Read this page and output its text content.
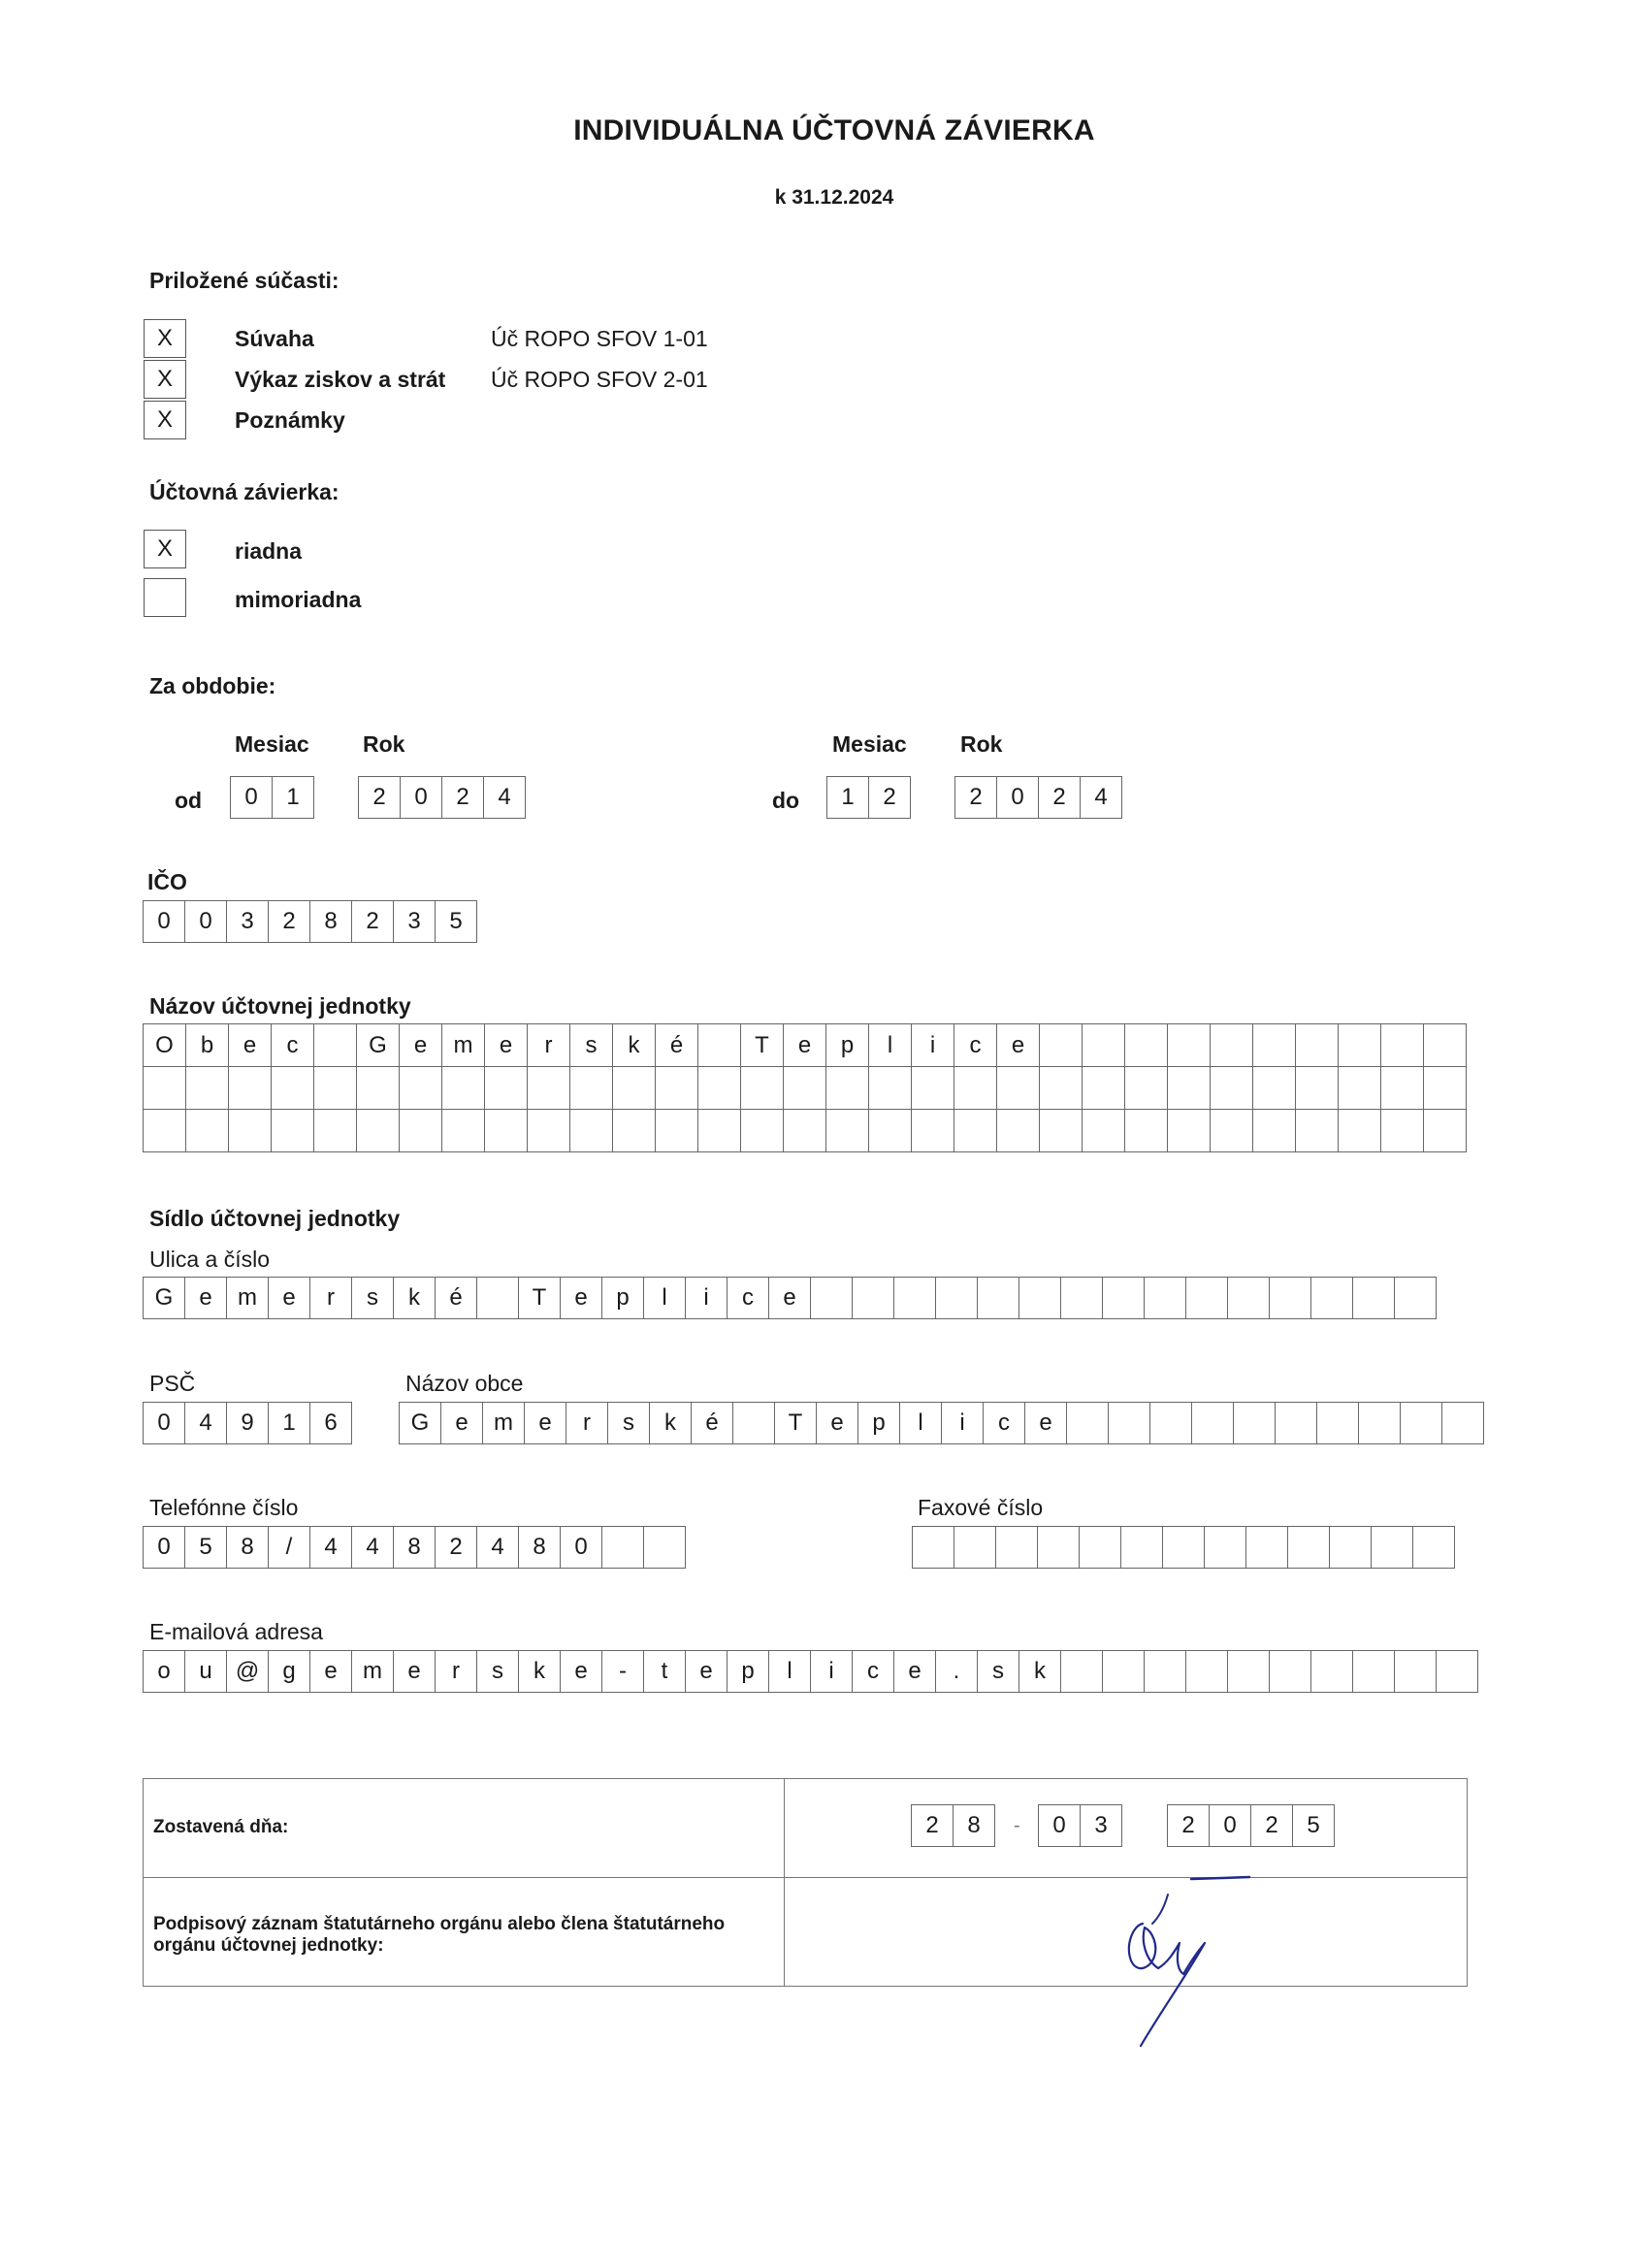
INDIVIDUÁLNA ÚČTOVNÁ ZÁVIERKA
k 31.12.2024
Priložené súčasti:
X	Súvaha	Úč ROPO SFOV 1-01
X	Výkaz ziskov a strát Úč ROPO SFOV 2-01
X	Poznámky
Účtovná závierka:
X	riadna
mimoriadna
Za obdobie:
Mesiac Rok	Mesiac Rok
od	0	1	2	0	2	4	do	1	2	2	0	2	4
IČO
0	0	3	2	8	2	3	5
Názov účtovnej jednotky
O	b	e	c	G	e	m	e	r	s	k	é	T	e	p	l	i	c	e
Sídlo účtovnej jednotky
Ulica a číslo
G	e	m	e	r	s	k	é	T	e	p	l	i	c	e
PSČ
0	4	9	1	6
Názov obce
G	e	m	e	r	s	k	é	T	e	p	l	i	c	e
Telefónne číslo
0	5	8	/	4	4	8	2	4	8	0
Faxové číslo
E-mailová adresa
o	u	@	g	e	m	e	r	s	k	e	-	t	e	p	l	i	c	e	.	s	k
Zostavená dňa:	2	8	-	0	3	2	0	2	5
Podpisový záznam štatutárneho orgánu alebo člena štatutárneho orgánu účtovnej jednotky:
